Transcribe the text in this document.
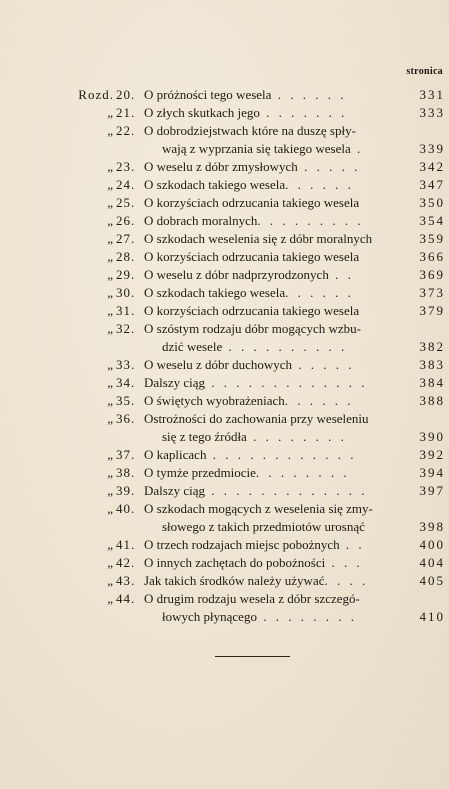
stronica
Rozd. 20. O próżności tego wesela . . . . . .	331
„ 21. O złych skutkach jego . . . . . . .	333
„ 22. O dobrodziejstwach które na duszę spły-
wają z wyprzania się takiego wesela .	339
„ 23. O weselu z dóbr zmysłowych . . . . .	342
„ 24. O szkodach takiego wesela. . . . . .	347
„ 25. O korzyściach odrzucania takiego wesela	350
„ 26. O dobrach moralnych. . . . . . . . .	354
„ 27. O szkodach weselenia się z dóbr moralnych	359
„ 28. O korzyściach odrzucania takiego wesela	366
„ 29. O weselu z dóbr nadprzyrodzonych . .	369
„ 30. O szkodach takiego wesela. . . . . .	373
„ 31. O korzyściach odrzucania takiego wesela	379
„ 32. O szóstym rodzaju dóbr mogących wzbu-
dzić wesele . . . . . . . . . .	382
„ 33. O weselu z dóbr duchowych . . . . .	383
„ 34. Dalszy ciąg . . . . . . . . . . . . .	384
„ 35. O świętych wyobrażeniach. . . . . .	388
„ 36. Ostrożności do zachowania przy weseleniu
się z tego źródła . . . . . . . .	390
„ 37. O kaplicach . . . . . . . . . . . .	392
„ 38. O tymże przedmiocie. . . . . . . .	394
„ 39. Dalszy ciąg . . . . . . . . . . . . .	397
„ 40. O szkodach mogących z weselenia się zmy-
słowego z takich przedmiotów urosnąć	398
„ 41. O trzech rodzajach miejsc pobożnych . .	400
„ 42. O innych zachętach do pobożności . . .	404
„ 43. Jak takich środków należy używać. . . .	405
„ 44. O drugim rodzaju wesela z dóbr szczegó-
łowych płynącego . . . . . . . .	410
